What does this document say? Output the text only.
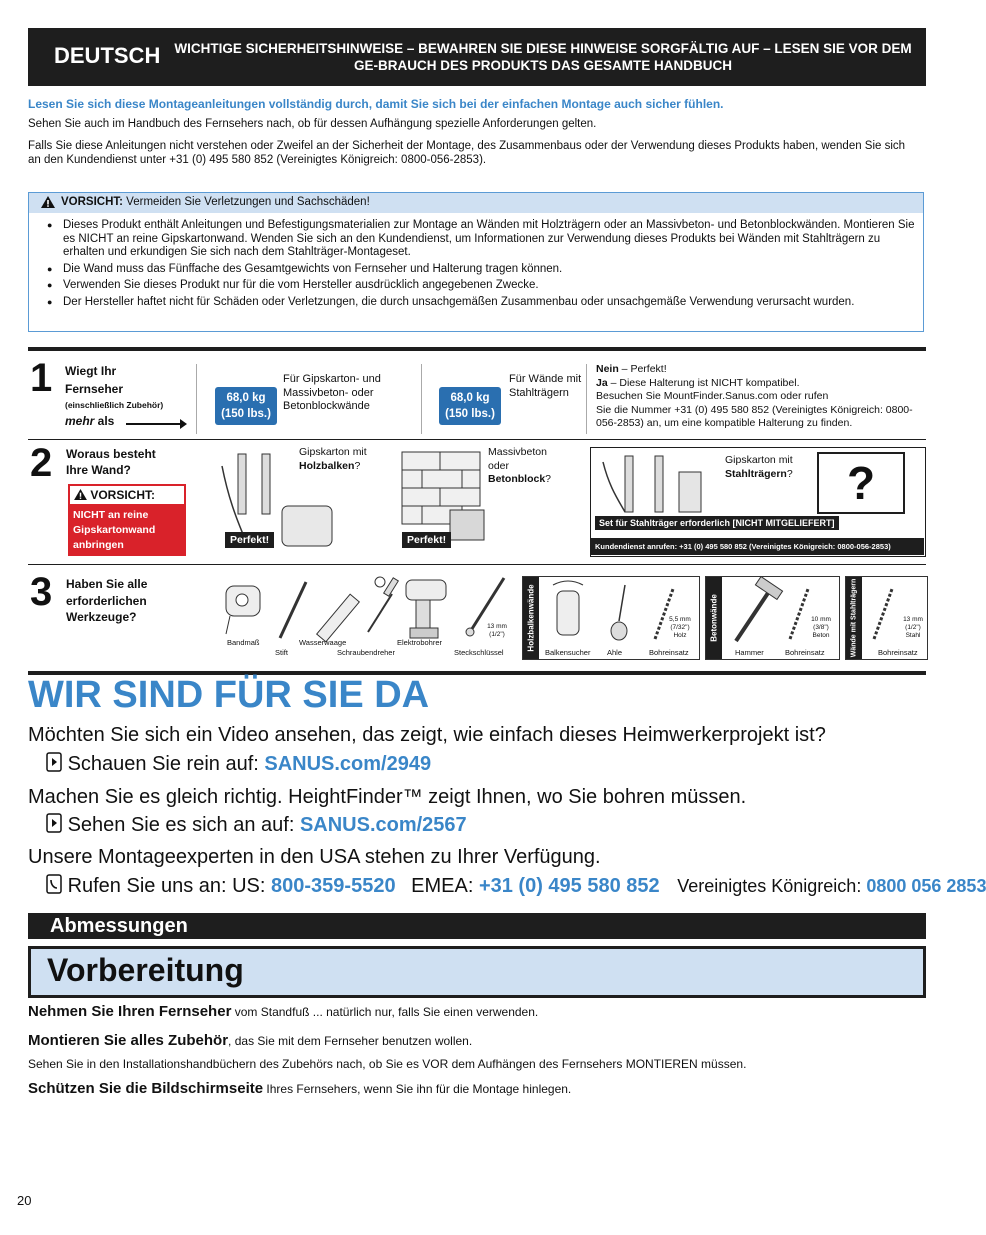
DEUTSCH	WICHTIGE SICHERHEITSHINWEISE – BEWAHREN SIE DIESE HINWEISE SORGFÄLTIG AUF – LESEN SIE VOR DEM GE-BRAUCH DES PRODUKTS DAS GESAMTE HANDBUCH
Lesen Sie sich diese Montageanleitungen vollständig durch, damit Sie sich bei der einfachen Montage auch sicher fühlen.
Sehen Sie auch im Handbuch des Fernsehers nach, ob für dessen Aufhängung spezielle Anforderungen gelten.
Falls Sie diese Anleitungen nicht verstehen oder Zweifel an der Sicherheit der Montage, des Zusammenbaus oder der Verwendung dieses Produkts haben, wenden Sie sich an den Kundendienst unter +31 (0) 495 580 852 (Vereinigtes Königreich: 0800-056-2853).
VORSICHT: Vermeiden Sie Verletzungen und Sachschäden!
● Dieses Produkt enthält Anleitungen und Befestigungsmaterialien zur Montage an Wänden mit Holzträgern oder an Massivbeton- und Betonblockwänden. Montieren Sie es NICHT an reine Gipskartonwand. Wenden Sie sich an den Kundendienst, um Informationen zur Verwendung dieses Produkts bei Wänden mit Stahlträgern zu erhalten und erkundigen Sie sich nach dem Stahlträger-Montageset.
● Die Wand muss das Fünffache des Gesamtgewichts von Fernseher und Halterung tragen können.
● Verwenden Sie dieses Produkt nur für die vom Hersteller ausdrücklich angegebenen Zwecke.
● Der Hersteller haftet nicht für Schäden oder Verletzungen, die durch unsachgemäßen Zusammenbau oder unsachgemäße Verwendung verursacht wurden.
1 Wiegt Ihr
Fernseher
(einschließlich Zubehör)
mehr als
68,0 kg
(150 lbs.)
Für Gipskarton- und Massivbeton- oder Betonblockwände
68,0 kg
(150 lbs.)
Für Wände mit Stahlträgern
Nein – Perfekt!
Ja – Diese Halterung ist NICHT kompatibel.
Besuchen Sie MountFinder.Sanus.com oder rufen
Sie die Nummer +31 (0) 495 580 852 (Vereinigtes Königreich: 0800-056-2853) an, um eine kompatible Halterung zu finden.
2 Woraus besteht
Ihre Wand?
VORSICHT:
NICHT an reine Gipskartonwand anbringen	Perfekt!
Gipskarton mit
Holzbalken?
Perfekt!
Massivbeton
oder
Betonblock?
Gipskarton mit
Stahlträgern?	?
Set für Stahlträger erforderlich [NICHT MITGELIEFERT]
Kundendienst anrufen: +31 (0) 495 580 852 (Vereinigtes Königreich: 0800-056-2853)
3 Haben Sie alle
erforderlichen
Werkzeuge?
Bandmaß
Stift
Wasserwaage
Schraubendreher
Elektrobohrer
Steckschlüssel
13 mm
(1/2")	Holzbalkenwände
Balkensucher Ahle	Bohreinsatz
5,5 mm
(7/32")
Holz	Betonwände
Hammer	Bohreinsatz
10 mm
(3/8")
Beton	Wände mit Stahlträgern	Bohreinsatz
13 mm
(1/2")
Stahl
WIR SIND FÜR SIE DA
Möchten Sie sich ein Video ansehen, das zeigt, wie einfach dieses Heimwerkerprojekt ist?
Schauen Sie rein auf: SANUS.com/2949
Machen Sie es gleich richtig. HeightFinder™ zeigt Ihnen, wo Sie bohren müssen.
Sehen Sie es sich an auf: SANUS.com/2567
Unsere Montageexperten in den USA stehen zu Ihrer Verfügung.
Rufen Sie uns an: US: 800-359-5520 EMEA: +31 (0) 495 580 852 Vereinigtes Königreich: 0800 056 2853
Abmessungen
Vorbereitung
Nehmen Sie Ihren Fernseher vom Standfuß ... natürlich nur, falls Sie einen verwenden.
Montieren Sie alles Zubehör, das Sie mit dem Fernseher benutzen wollen.
Sehen Sie in den Installationshandbüchern des Zubehörs nach, ob Sie es VOR dem Aufhängen des Fernsehers MONTIEREN müssen.
Schützen Sie die Bildschirmseite Ihres Fernsehers, wenn Sie ihn für die Montage hinlegen.
20
